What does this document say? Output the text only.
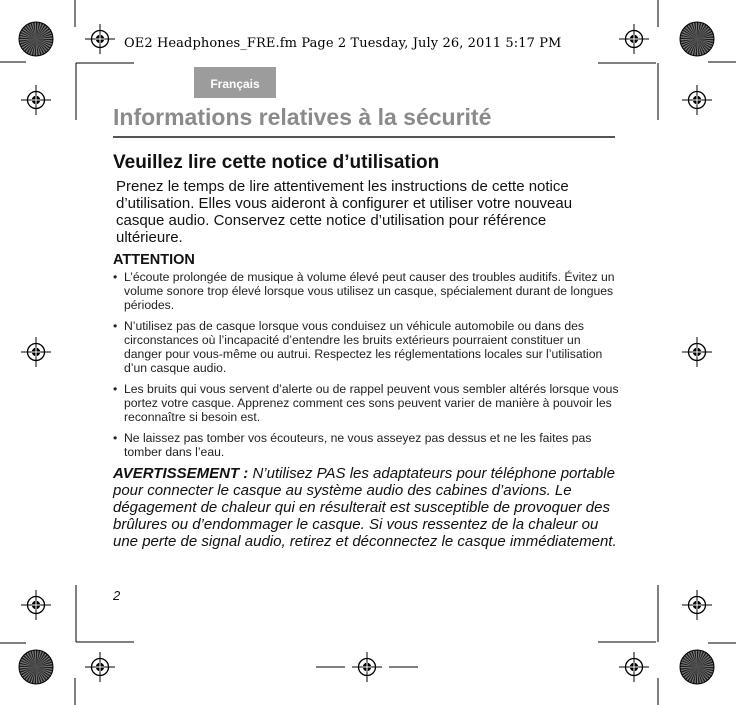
OE2 Headphones_FRE.fm Page 2 Tuesday, July 26, 2011 5:17 PM
Français
Informations relatives à la sécurité
Veuillez lire cette notice d’utilisation

Prenez le temps de lire attentivement les instructions de cette notice d’utilisation. Elles vous aideront à configurer et utiliser votre nouveau casque audio. Conservez cette notice d’utilisation pour référence ultérieure.

ATTENTION
• L’écoute prolongée de musique à volume élevé peut causer des troubles auditifs. Évitez un volume sonore trop élevé lorsque vous utilisez un casque, spécialement durant de longues périodes.
• N’utilisez pas de casque lorsque vous conduisez un véhicule automobile ou dans des circonstances où l’incapacité d’entendre les bruits extérieurs pourraient constituer un danger pour vous-même ou autrui. Respectez les réglementations locales sur l’utilisation d’un casque audio.
• Les bruits qui vous servent d’alerte ou de rappel peuvent vous sembler altérés lorsque vous portez votre casque. Apprenez comment ces sons peuvent varier de manière à pouvoir les reconnaître si besoin est.
• Ne laissez pas tomber vos écouteurs, ne vous asseyez pas dessus et ne les faites pas tomber dans l’eau.

AVERTISSEMENT : N’utilisez PAS les adaptateurs pour téléphone portable pour connecter le casque au système audio des cabines d’avions. Le dégagement de chaleur qui en résulterait est susceptible de provoquer des brûlures ou d’endommager le casque. Si vous ressentez de la chaleur ou une perte de signal audio, retirez et déconnectez le casque immédiatement.

2
